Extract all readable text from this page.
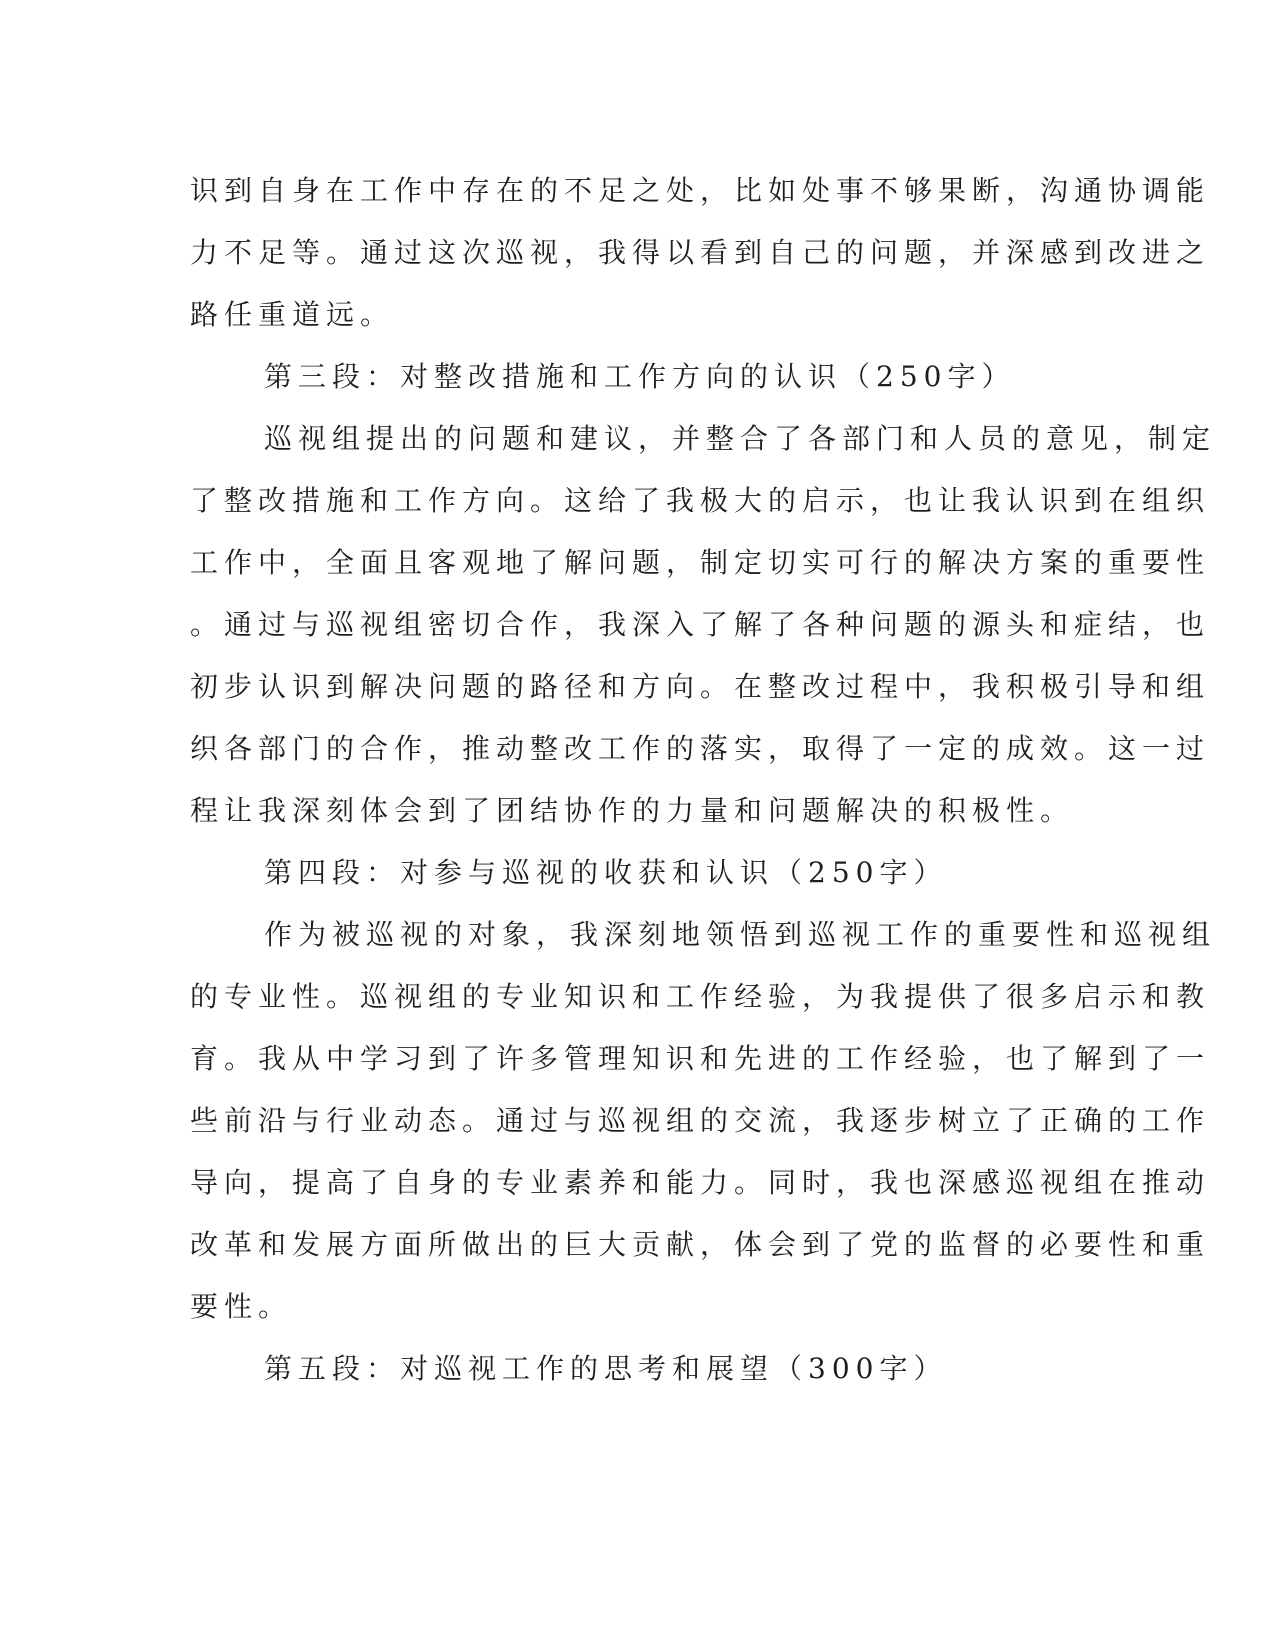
识到自身在工作中存在的不足之处，比如处事不够果断，沟通协调能
力不足等。通过这次巡视，我得以看到自己的问题，并深感到改进之
路任重道远。
第三段：对整改措施和工作方向的认识（250字）
巡视组提出的问题和建议，并整合了各部门和人员的意见，制定
了整改措施和工作方向。这给了我极大的启示，也让我认识到在组织
工作中，全面且客观地了解问题，制定切实可行的解决方案的重要性
。通过与巡视组密切合作，我深入了解了各种问题的源头和症结，也
初步认识到解决问题的路径和方向。在整改过程中，我积极引导和组
织各部门的合作，推动整改工作的落实，取得了一定的成效。这一过
程让我深刻体会到了团结协作的力量和问题解决的积极性。
第四段：对参与巡视的收获和认识（250字）
作为被巡视的对象，我深刻地领悟到巡视工作的重要性和巡视组
的专业性。巡视组的专业知识和工作经验，为我提供了很多启示和教
育。我从中学习到了许多管理知识和先进的工作经验，也了解到了一
些前沿与行业动态。通过与巡视组的交流，我逐步树立了正确的工作
导向，提高了自身的专业素养和能力。同时，我也深感巡视组在推动
改革和发展方面所做出的巨大贡献，体会到了党的监督的必要性和重
要性。
第五段：对巡视工作的思考和展望（300字）
